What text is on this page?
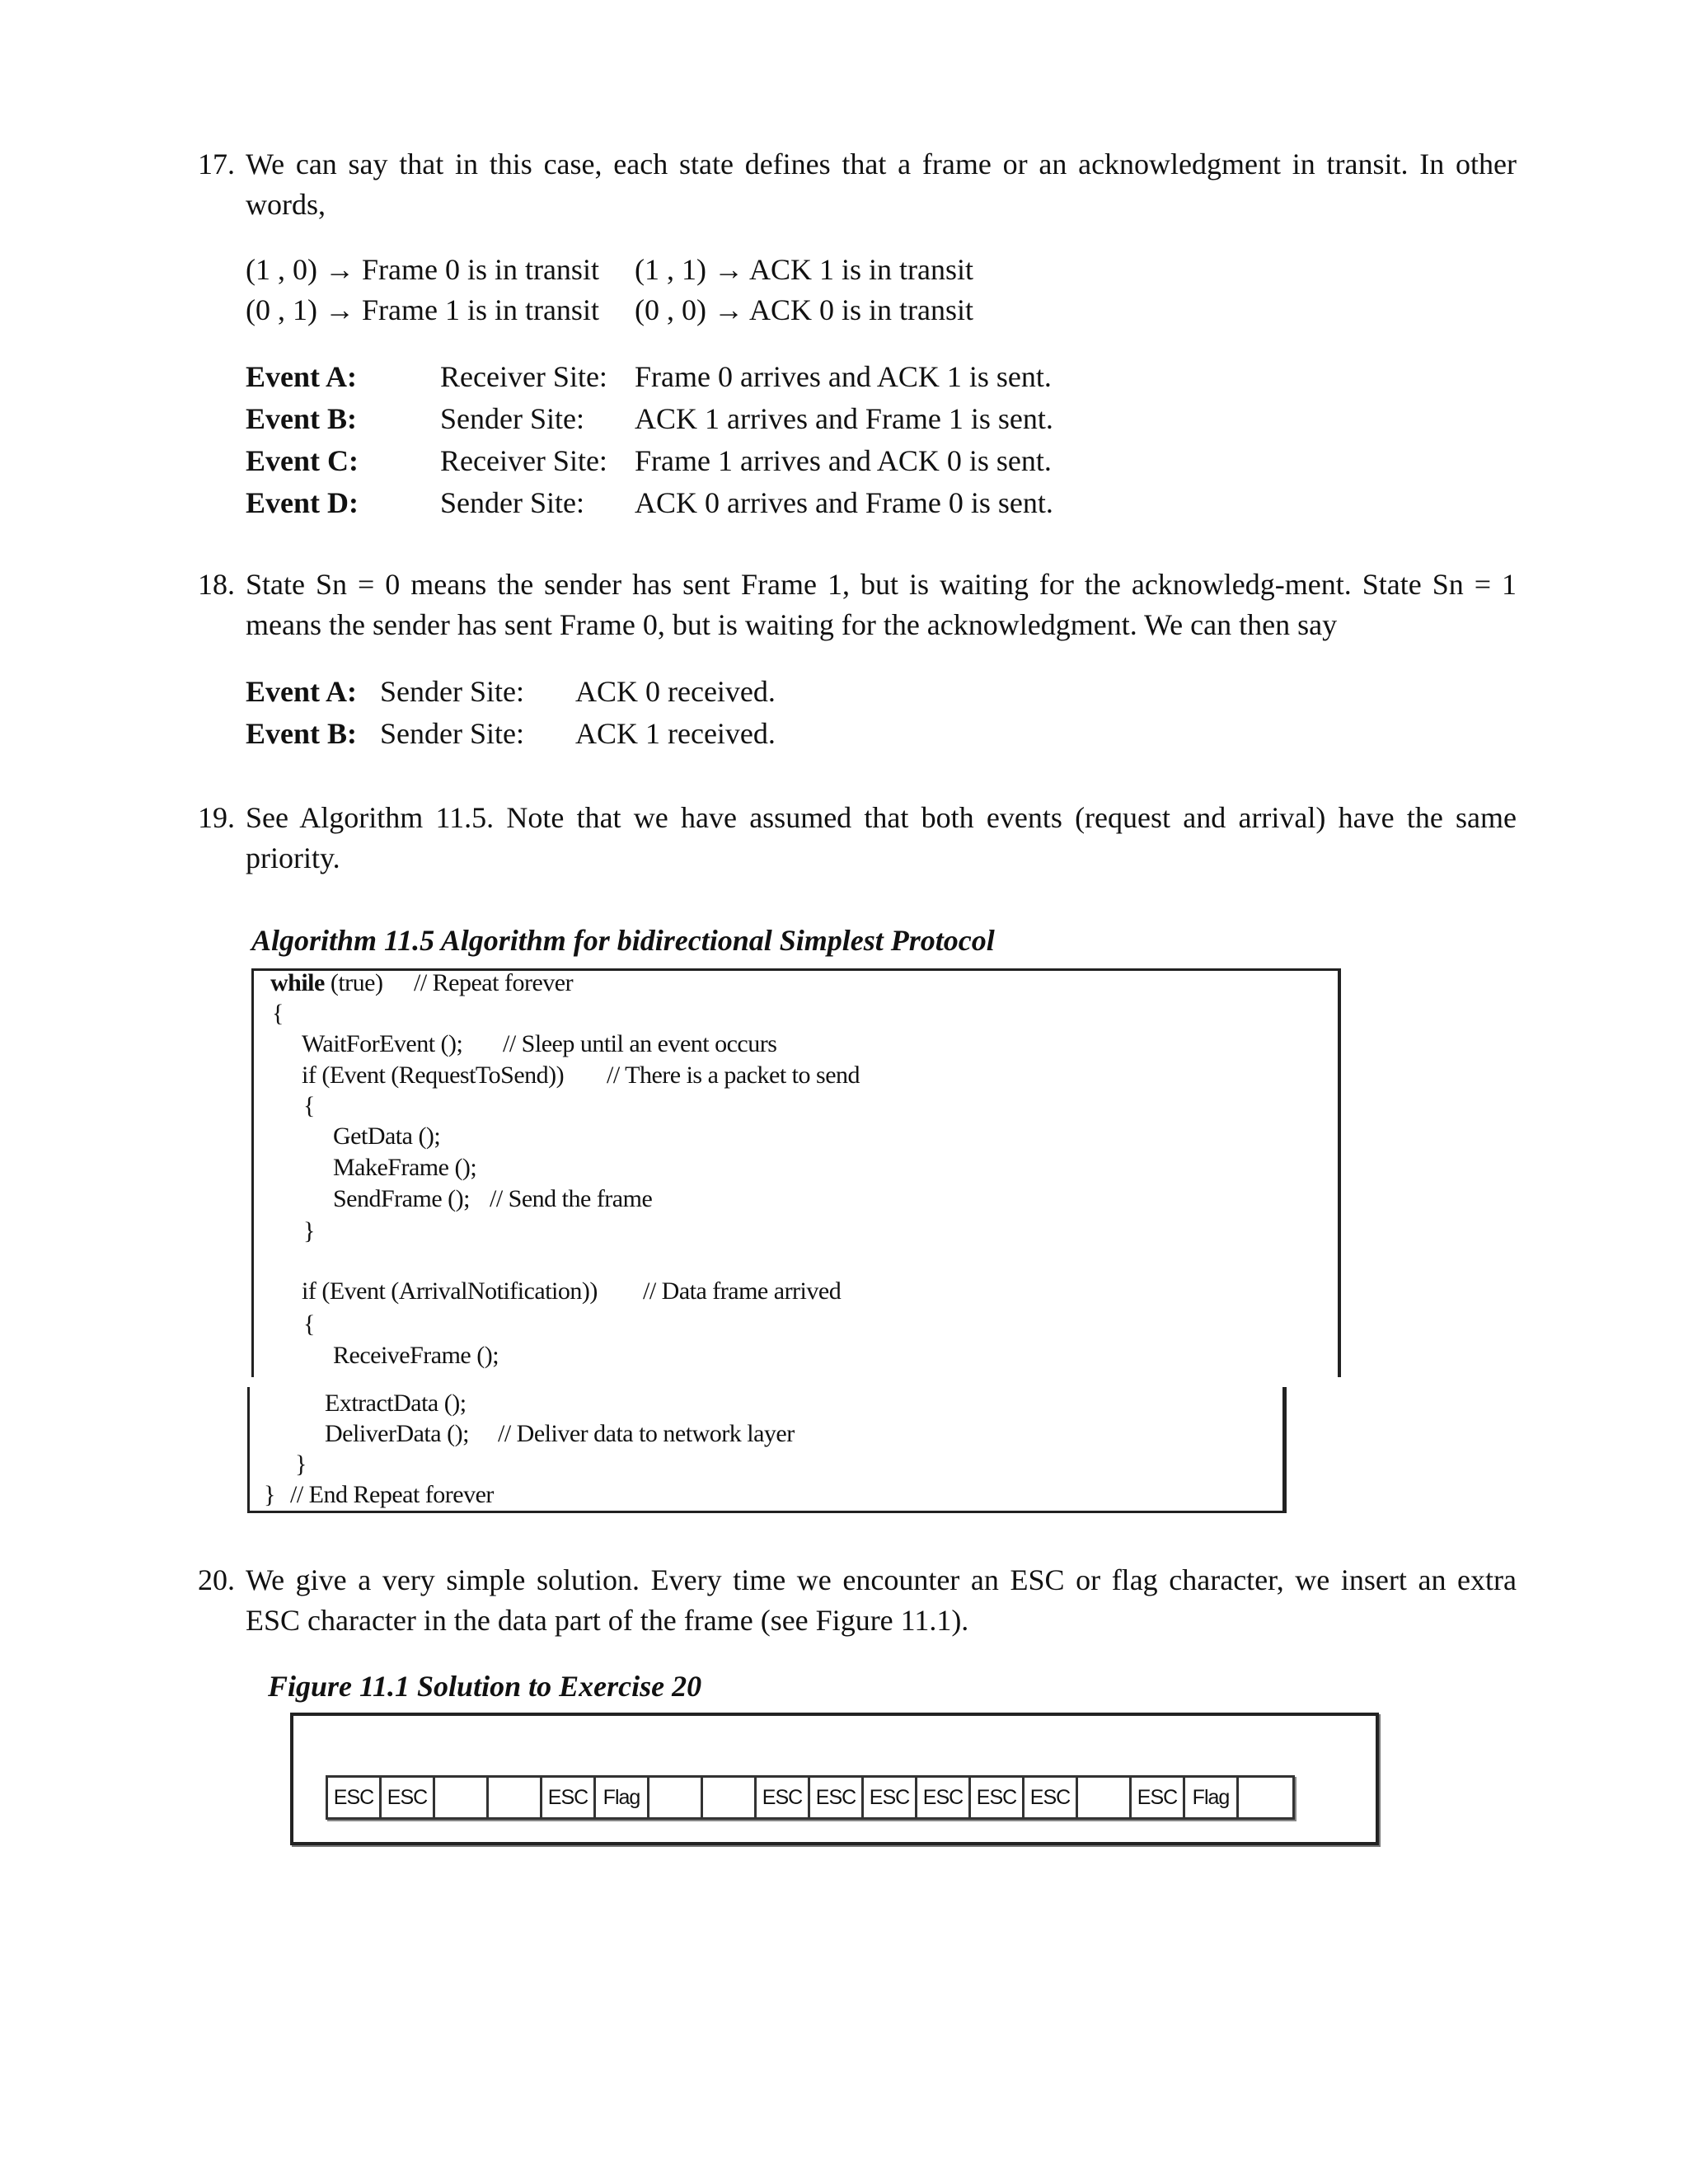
17. We can say that in this case, each state defines that a frame or an acknowledgment in transit. In other
words,
(1 , 0) → Frame 0 is in transit (1 , 1) → ACK 1 is in transit
(0 , 1) → Frame 1 is in transit (0 , 0) → ACK 0 is in transit
Event A:	Receiver Site: Frame 0 arrives and ACK 1 is sent.
Event B:	Sender Site: ACK 1 arrives and Frame 1 is sent.
Event C:	Receiver Site: Frame 1 arrives and ACK 0 is sent.
Event D:	Sender Site: ACK 0 arrives and Frame 0 is sent.
18. State Sn = 0 means the sender has sent Frame 1, but is waiting for the acknowledg-ment. State Sn = 1
means the sender has sent Frame 0, but is waiting for the acknowledgment. We can then say
Event A: Sender Site: ACK 0 received.
Event B: Sender Site: ACK 1 received.
19. See Algorithm 11.5. Note that we have assumed that both events (request and arrival) have the same
priority.
Algorithm 11.5 Algorithm for bidirectional Simplest Protocol
while (true) // Repeat forever
{
WaitForEvent (); // Sleep until an event occurs
if (Event (RequestToSend)) // There is a packet to send
{
GetData ();
MakeFrame ();
SendFrame (); // Send the frame
}
if (Event (ArrivalNotification)) // Data frame arrived
{
ReceiveFrame ();
ExtractData ();
DeliverData (); // Deliver data to network layer
}
} // End Repeat forever
20. We give a very simple solution. Every time we encounter an ESC or flag character, we insert an extra
ESC character in the data part of the frame (see Figure 11.1).
Figure 11.1 Solution to Exercise 20
ESC ESC	ESC Flag	ESC ESC ESC ESC ESC ESC	ESC Flag
